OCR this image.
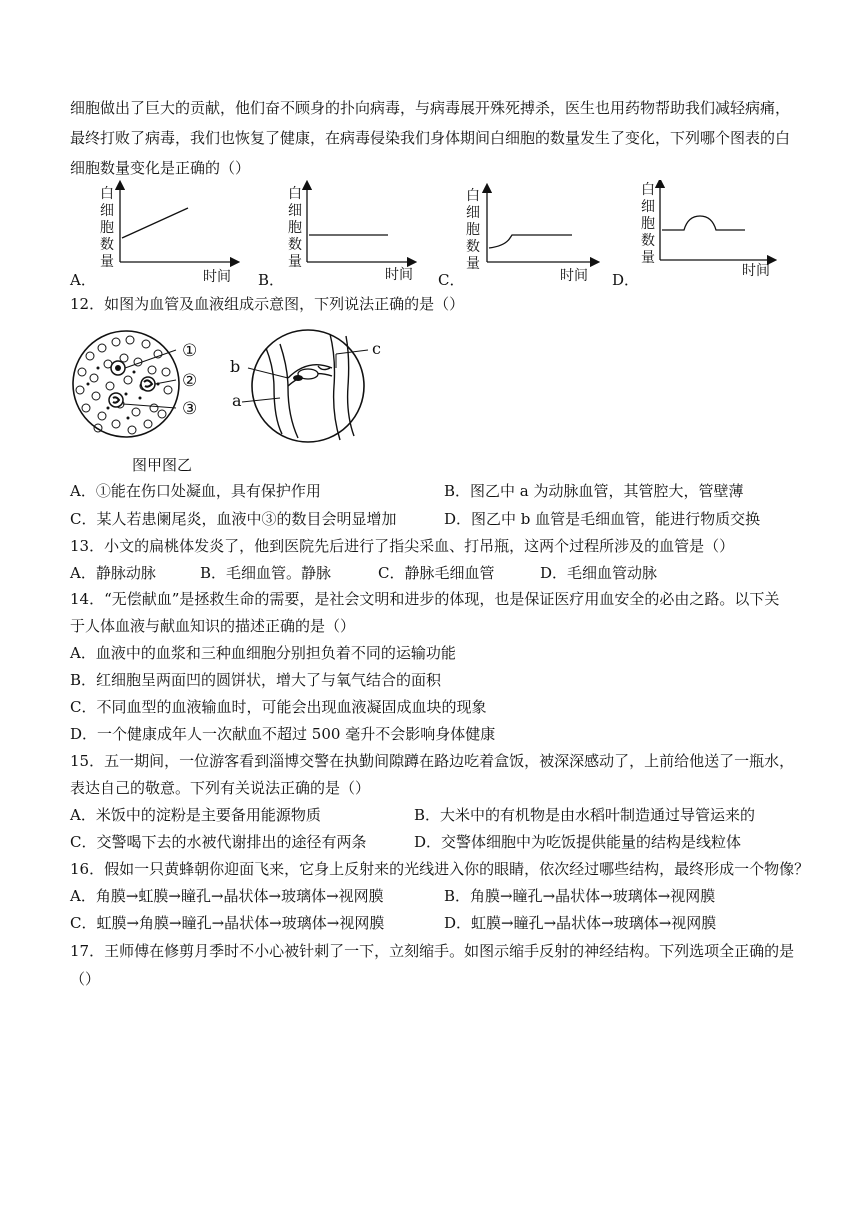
细胞做出了巨大的贡献，他们奋不顾身的扑向病毒，与病毒展开殊死搏杀，医生也用药物帮助我们减轻病痛，
最终打败了病毒，我们也恢复了健康，在病毒侵染我们身体期间白细胞的数量发生了变化，下列哪个图表的白
细胞数量变化是正确的（）
A．	B．	C．	D．
白
细
胞
数
量
时间
白
细
胞
数
量
时间
白
细
胞
数
量
时间
白
细
胞
数
量
时间
12．如图为血管及血液组成示意图，下列说法正确的是（）
①
②
③ a
b
c
图甲图乙
A．①能在伤口处凝血，具有保护作用	B．图乙中 a 为动脉血管，其管腔大，管壁薄
C．某人若患阑尾炎，血液中③的数目会明显增加	D．图乙中 b 血管是毛细血管，能进行物质交换
13．小文的扁桃体发炎了，他到医院先后进行了指尖采血、打吊瓶，这两个过程所涉及的血管是（）
A．静脉动脉	B．毛细血管。静脉	C．静脉毛细血管	D．毛细血管动脉
14．“无偿献血”是拯救生命的需要，是社会文明和进步的体现，也是保证医疗用血安全的必由之路。以下关
于人体血液与献血知识的描述正确的是（）
A．血液中的血浆和三种血细胞分别担负着不同的运输功能
B．红细胞呈两面凹的圆饼状，增大了与氧气结合的面积
C．不同血型的血液输血时，可能会出现血液凝固成血块的现象
D．一个健康成年人一次献血不超过 500 毫升不会影响身体健康
15．五一期间，一位游客看到淄博交警在执勤间隙蹲在路边吃着盒饭，被深深感动了，上前给他送了一瓶水，
表达自己的敬意。下列有关说法正确的是（）
A．米饭中的淀粉是主要备用能源物质	B．大米中的有机物是由水稻叶制造通过导管运来的
C．交警喝下去的水被代谢排出的途径有两条	D．交警体细胞中为吃饭提供能量的结构是线粒体
16．假如一只黄蜂朝你迎面飞来，它身上反射来的光线进入你的眼睛，依次经过哪些结构，最终形成一个物像？
A．角膜→虹膜→瞳孔→晶状体→玻璃体→视网膜	B．角膜→瞳孔→晶状体→玻璃体→视网膜
C．虹膜→角膜→瞳孔→晶状体→玻璃体→视网膜	D．虹膜→瞳孔→晶状体→玻璃体→视网膜
17．王师傅在修剪月季时不小心被针刺了一下，立刻缩手。如图示缩手反射的神经结构。下列选项全正确的是
（）
